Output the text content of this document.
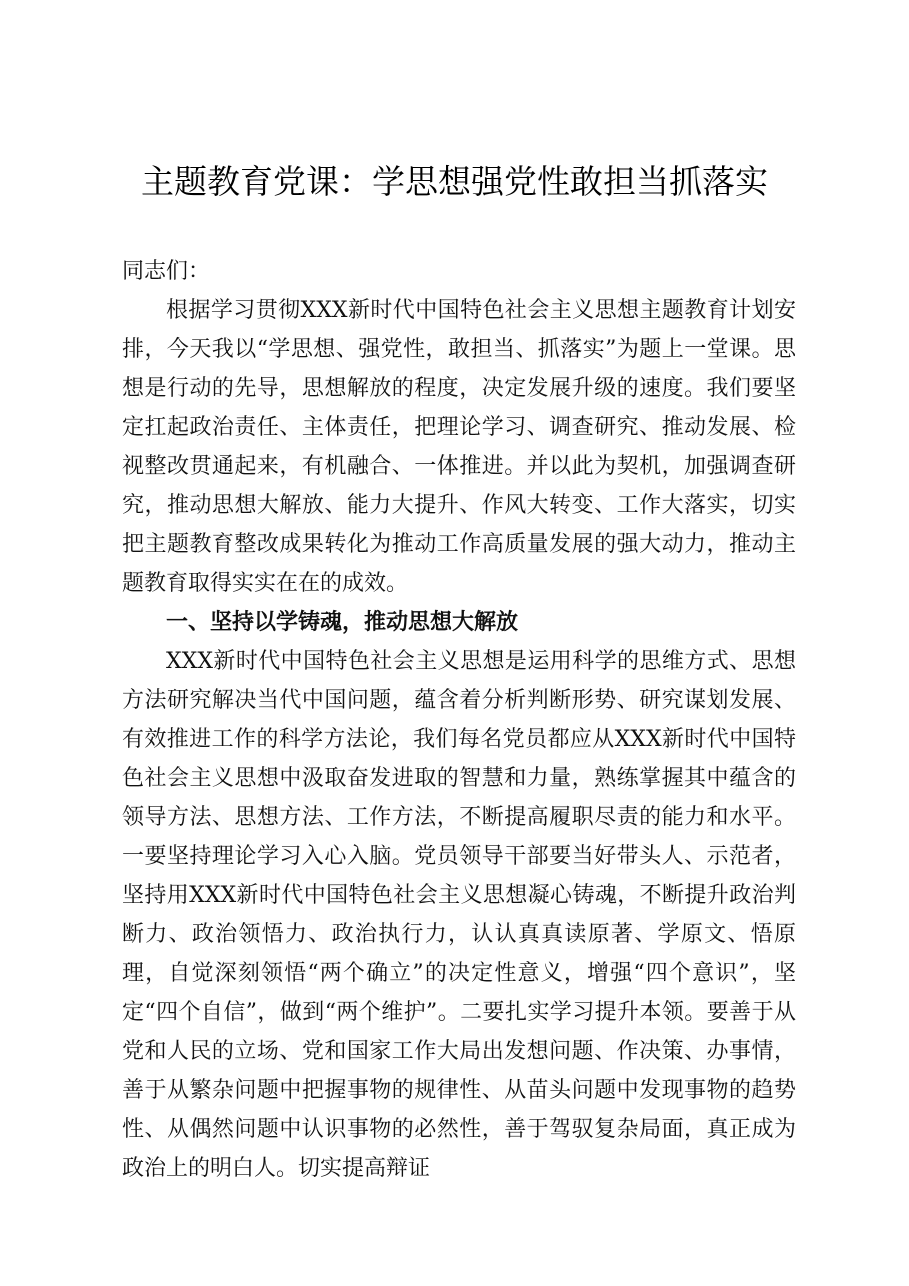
主题教育党课：学思想强党性敢担当抓落实

同志们：

根据学习贯彻XXX新时代中国特色社会主义思想主题教育计划安排，今天我以“学思想、强党性，敢担当、抓落实”为题上一堂课。思想是行动的先导，思想解放的程度，决定发展升级的速度。我们要坚定扛起政治责任、主体责任，把理论学习、调查研究、推动发展、检视整改贯通起来，有机融合、一体推进。并以此为契机，加强调查研究，推动思想大解放、能力大提升、作风大转变、工作大落实，切实把主题教育整改成果转化为推动工作高质量发展的强大动力，推动主题教育取得实实在在的成效。

一、坚持以学铸魂，推动思想大解放

XXX新时代中国特色社会主义思想是运用科学的思维方式、思想方法研究解决当代中国问题，蕴含着分析判断形势、研究谋划发展、有效推进工作的科学方法论，我们每名党员都应从XXX新时代中国特色社会主义思想中汲取奋发进取的智慧和力量，熟练掌握其中蕴含的领导方法、思想方法、工作方法，不断提高履职尽责的能力和水平。一要坚持理论学习入心入脑。党员领导干部要当好带头人、示范者，坚持用XXX新时代中国特色社会主义思想凝心铸魂，不断提升政治判断力、政治领悟力、政治执行力，认认真真读原著、学原文、悟原理，自觉深刻领悟“两个确立”的决定性意义，增强“四个意识”，坚定“四个自信”，做到“两个维护”。二要扎实学习提升本领。要善于从党和人民的立场、党和国家工作大局出发想问题、作决策、办事情，善于从繁杂问题中把握事物的规律性、从苗头问题中发现事物的趋势性、从偶然问题中认识事物的必然性，善于驾驭复杂局面，真正成为政治上的明白人。切实提高辩证
